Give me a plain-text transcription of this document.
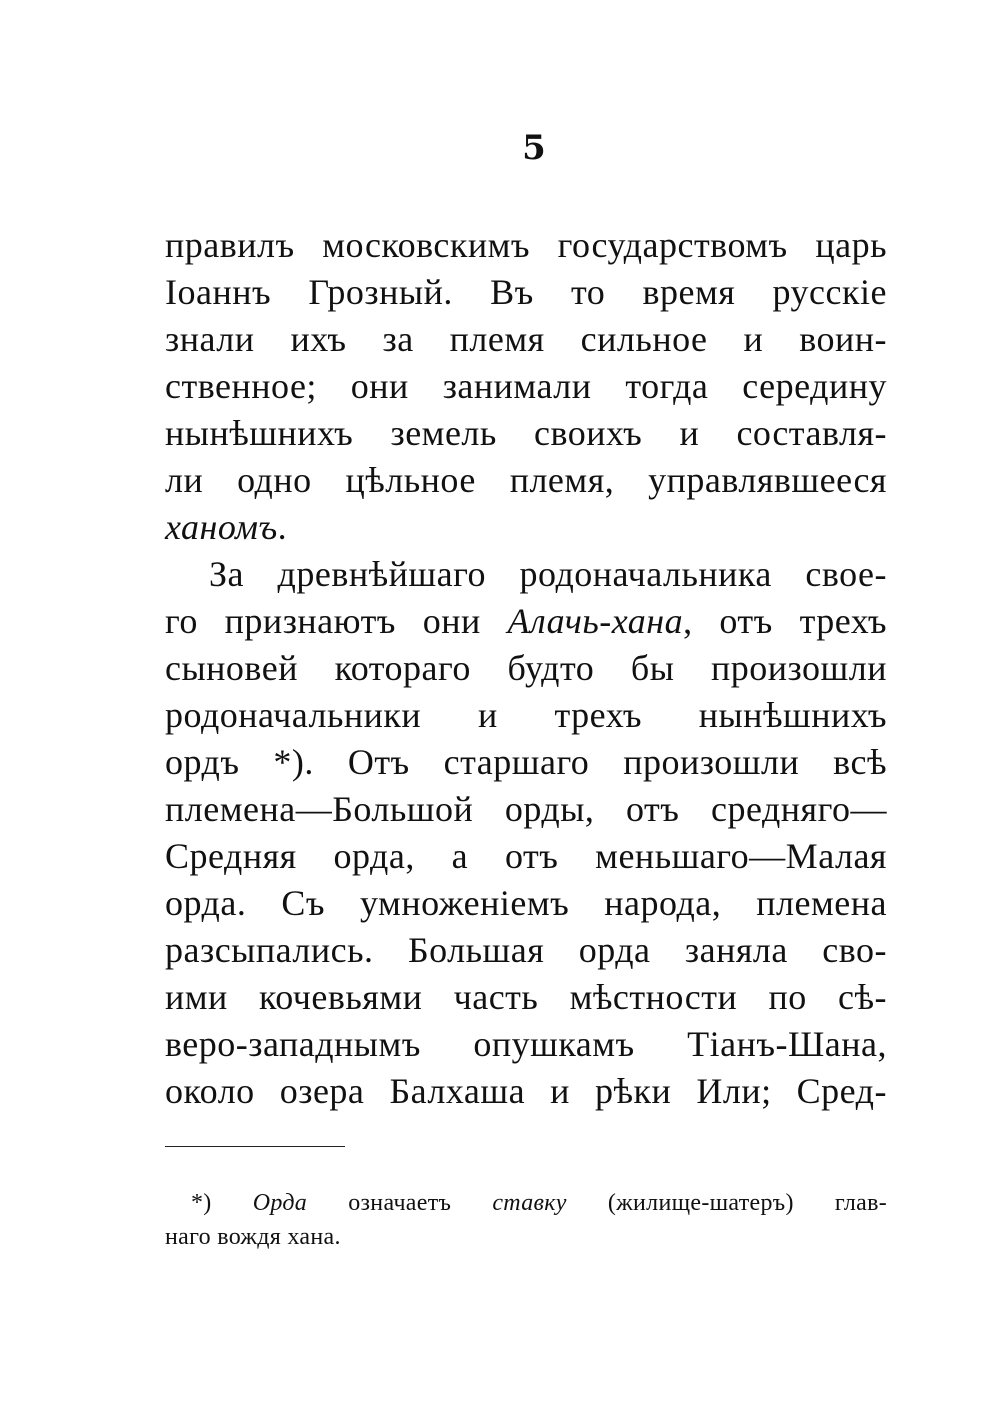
5
правилъ московскимъ государствомъ царь
Іоаннъ Грозный. Въ то время русскіе
знали ихъ за племя сильное и воин-
ственное; они занимали тогда середину
нынѣшнихъ земель своихъ и составля-
ли одно цѣльное племя, управлявшееся
ханомъ.
За древнѣйшаго родоначальника свое-
го признаютъ они Алачь-хана, отъ трехъ
сыновей котораго будто бы произошли
родоначальники и трехъ нынѣшнихъ
ордъ *). Отъ старшаго произошли всѣ
племена—Большой орды, отъ средняго—
Средняя орда, а отъ меньшаго—Малая
орда. Съ умноженіемъ народа, племена
разсыпались. Большая орда заняла сво-
ими кочевьями часть мѣстности по сѣ-
веро-западнымъ опушкамъ Тіанъ-Шана,
около озера Балхаша и рѣки Или; Сред-
*) Орда означаетъ ставку (жилище-шатеръ) глав-
наго вождя хана.
